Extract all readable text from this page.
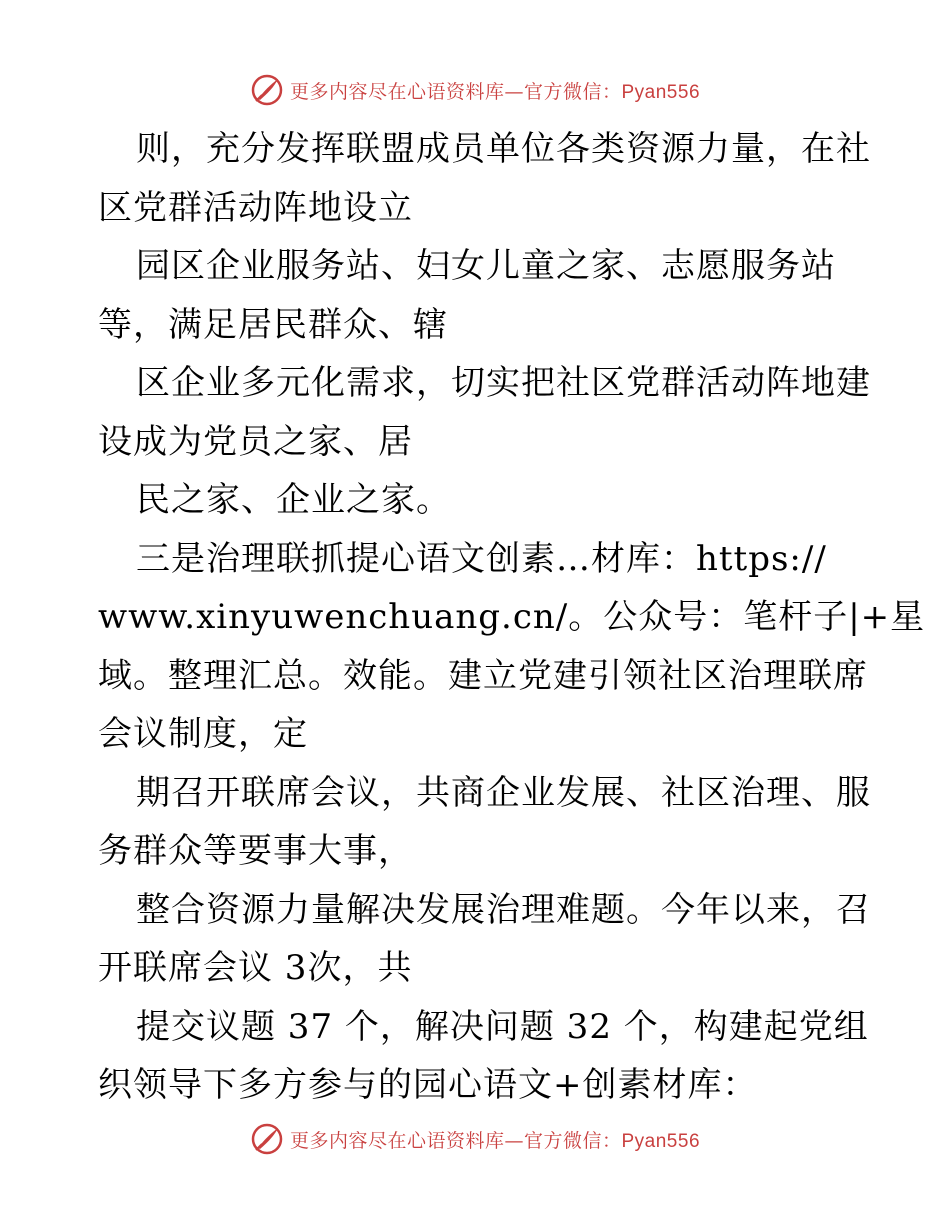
更多内容尽在心语资料库—官方微信：Pyan556
则，充分发挥联盟成员单位各类资源力量，在社
区党群活动阵地设立
园区企业服务站、妇女儿童之家、志愿服务站
等，满足居民群众、辖
区企业多元化需求，切实把社区党群活动阵地建
设成为党员之家、居
民之家、企业之家。
三是治理联抓提心语文创素…材库：https://
www.xinyuwenchuang.cn/。公众号：笔杆子|+星
域。整理汇总。效能。建立党建引领社区治理联席
会议制度，定
期召开联席会议，共商企业发展、社区治理、服
务群众等要事大事，
整合资源力量解决发展治理难题。今年以来，召
开联席会议 3次，共
提交议题 37 个，解决问题 32 个，构建起党组
织领导下多方参与的园心语文+创素材库：
更多内容尽在心语资料库—官方微信：Pyan556
